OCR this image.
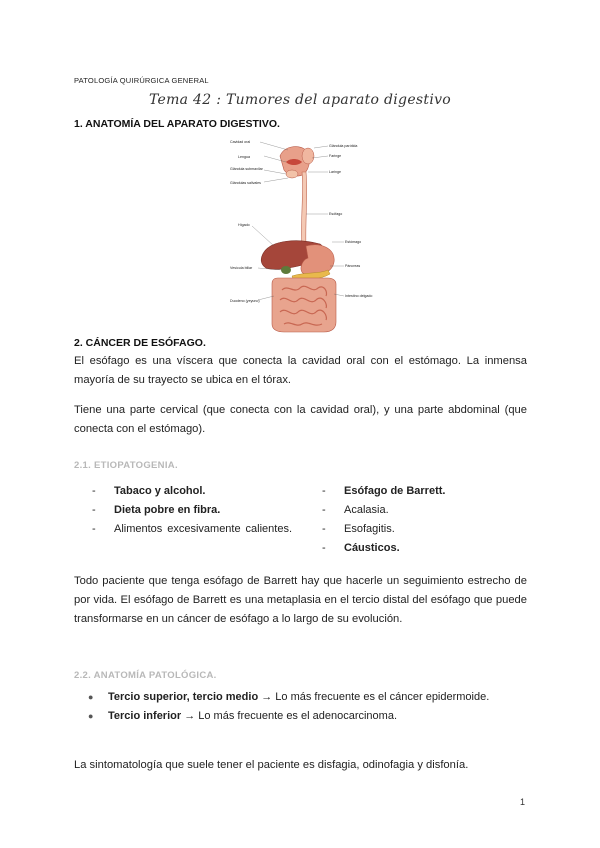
PATOLOGÍA QUIRÚRGICA GENERAL
Tema 42 : Tumores del aparato digestivo
1. ANATOMÍA DEL APARATO DIGESTIVO.
Cavidad oral
Lengua
Glándula submaxilar
Glándulas salivales
Glándula parótida
Faringe
Laringe
Esófago
Hígado
Estómago
Páncreas
Vesícula biliar
Intestino delgado
Duodeno (yeyuno)
2. CÁNCER DE ESÓFAGO.
El esófago es una víscera que conecta la cavidad oral con el estómago. La inmensa mayoría de su trayecto se ubica en el tórax.
Tiene una parte cervical (que conecta con la cavidad oral), y una parte abdominal (que conecta con el estómago).
2.1. ETIOPATOGENIA.
-	Tabaco y alcohol.
-	Dieta pobre en fibra.
-	Alimentos excesivamente calientes.
-	Esófago de Barrett.
-	Acalasia.
-	Esofagitis.
-	Cáusticos.
Todo paciente que tenga esófago de Barrett hay que hacerle un seguimiento estrecho de por vida. El esófago de Barrett es una metaplasia en el tercio distal del esófago que puede transformarse en un cáncer de esófago a lo largo de su evolución.
2.2. ANATOMÍA PATOLÓGICA.
●	Tercio superior, tercio medio → Lo más frecuente es el cáncer epidermoide.
●	Tercio inferior → Lo más frecuente es el adenocarcinoma.
La sintomatología que suele tener el paciente es disfagia, odinofagia y disfonía.
1
